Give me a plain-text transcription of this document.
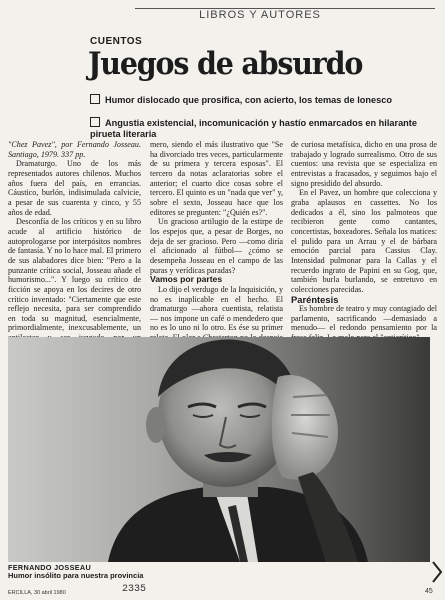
LIBROS Y AUTORES
CUENTOS
Juegos de absurdo
Humor dislocado que prosifica, con acierto, los temas de Ionesco
Angustia existencial, incomunicación y hastío enmarcados en hilarante pirueta literaria

"Chez Pavez", por Fernando Josseau. Santiago, 1979. 337 pp.

Dramaturgo. Uno de los más representados autores chilenos. Muchos años fuera del país, en errancias. Cáustico, burlón, indisimulada calvicie, a pesar de sus cuarenta y cinco, y 55 años de edad.

Desconfía de los críticos y en su libro acude al artificio histórico de autoprologarse por interpósitos nombres de fantasía. Y no lo hace mal. El primero de sus alabadores dice bien: "Pero a la punzante crítica social, Josseau añade el humorismo...". Y luego su crítico de ficción se apoya en los decires de otro crítico inventado: "Ciertamente que este reflejo necesita, para ser comprendido en toda su magnitud, esencialmente, primordialmente, inexcusablemente, un

mero, siendo el más ilustrativo que "Se ha divorciado tres veces, particularmente de su primera y tercera esposas". El tercero da notas aclaratorias sobre el anterior; el cuarto dice cosas sobre el tercero. El quinto es un "nada que ver" y, sobre el sexto, Josseau hace que los editores se pregunten: "¿Quién es?".

Un gracioso artilugio de la estirpe de los espejos que, a pesar de Borges, no deja de ser gracioso. Pero —como diría el aficionado al fútbol— ¿cómo se desempeña Josseau en el campo de las puras y verídicas paradas?

Vamos por partes

Lo dijo el verdugo de la Inquisición, y no es inaplicable en el hecho. El dramaturgo —ahora cuentista, relatista— nos impone un café o mendedero que no es lo uno ni lo otro. Es ése su primer

de curiosa metafísica, dicho en una prosa de trabajado y logrado surrealismo. Otro de sus cuentos: una revista que se especializa en entrevistas a fracasados, y seguimos bajo el signo presidido del absurdo.

En el Pavez, un hombre que colecciona y graba aplausos en cassettes. No los dedicados a él, sino los palmoteos que recibieron gente como cantantes, concertistas, boxeadores. Señala los matices: el pulido para un Arrau y el de bárbara emoción parcial para Cassius Clay. Intensidad pulmonar para la Callas y el recuerdo ingrato de Papini en su Gog, que, también burla burlando, se entretuvo en colecciones parecidas.

Paréntesis

Es hombre de teatro y muy contagiado del parlamento, sacrificando —demasiado a menudo— el redondo pensamiento por la

FERNANDO JOSSEAU
Humor insólito para nuestra provincia
ERCILLA, 30 abril 1980	2335	45
